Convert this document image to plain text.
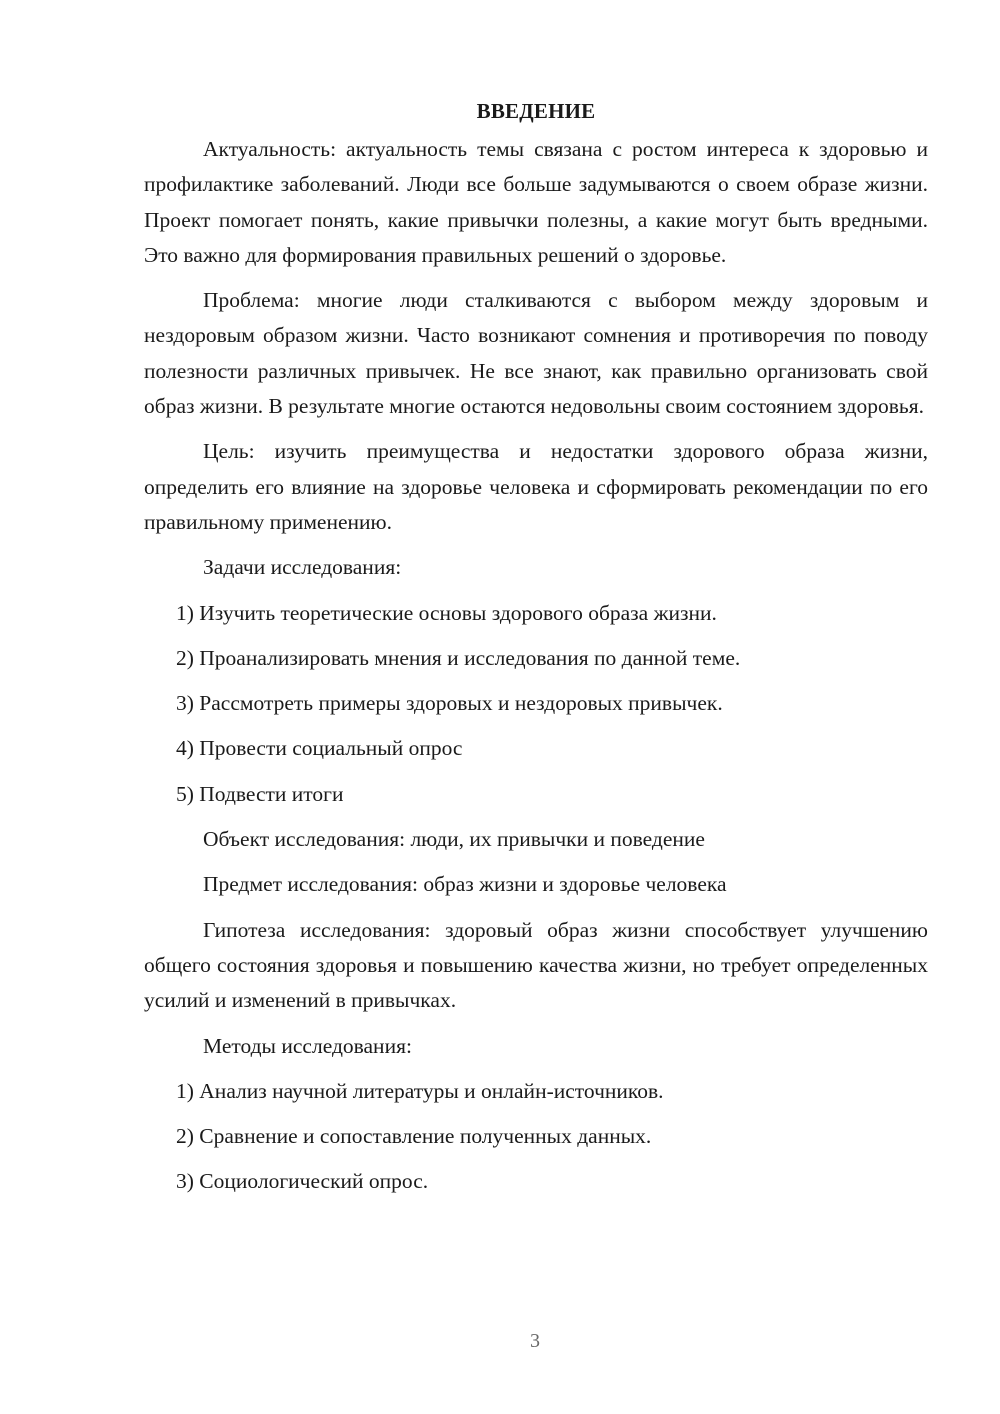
ВВЕДЕНИЕ

Актуальность: актуальность темы связана с ростом интереса к здоровью и профилактике заболеваний. Люди все больше задумываются о своем образе жизни. Проект помогает понять, какие привычки полезны, а какие могут быть вредными. Это важно для формирования правильных решений о здоровье.

Проблема: многие люди сталкиваются с выбором между здоровым и нездоровым образом жизни. Часто возникают сомнения и противоречия по поводу полезности различных привычек. Не все знают, как правильно организовать свой образ жизни. В результате многие остаются недовольны своим состоянием здоровья.

Цель: изучить преимущества и недостатки здорового образа жизни, определить его влияние на здоровье человека и сформировать рекомендации по его правильному применению.

Задачи исследования:

1) Изучить теоретические основы здорового образа жизни.

2) Проанализировать мнения и исследования по данной теме.

3) Рассмотреть примеры здоровых и нездоровых привычек.

4) Провести социальный опрос

5) Подвести итоги

Объект исследования: люди, их привычки и поведение

Предмет исследования: образ жизни и здоровье человека

Гипотеза исследования: здоровый образ жизни способствует улучшению общего состояния здоровья и повышению качества жизни, но требует определенных усилий и изменений в привычках.

Методы исследования:

1) Анализ научной литературы и онлайн-источников.

2) Сравнение и сопоставление полученных данных.

3) Социологический опрос.

3
